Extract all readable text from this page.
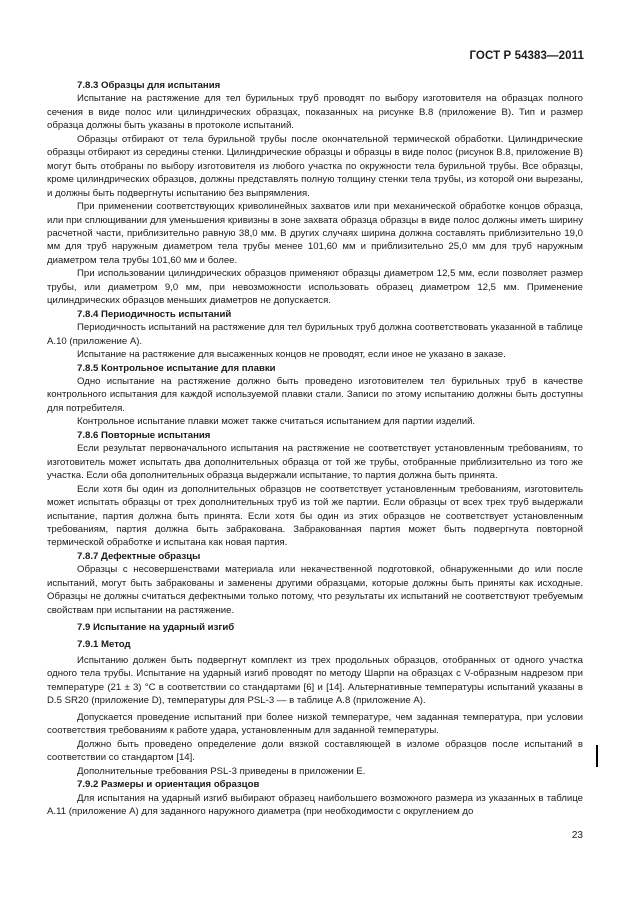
ГОСТ Р 54383—2011
7.8.3 Образцы для испытания

Испытание на растяжение для тел бурильных труб проводят по выбору изготовителя на образцах полного сечения в виде полос или цилиндрических образцах, показанных на рисунке В.8 (приложение В). Тип и размер образца должны быть указаны в протоколе испытаний.

Образцы отбирают от тела бурильной трубы после окончательной термической обработки. Цилиндрические образцы отбирают из середины стенки. Цилиндрические образцы и образцы в виде полос (рисунок В.8, приложение В) могут быть отобраны по выбору изготовителя из любого участка по окружности тела бурильной трубы. Все образцы, кроме цилиндрических образцов, должны представлять полную толщину стенки тела трубы, из которой они вырезаны, и должны быть подвергнуты испытанию без выпрямления.

При применении соответствующих криволинейных захватов или при механической обработке концов образца, или при сплющивании для уменьшения кривизны в зоне захвата образца образцы в виде полос должны иметь ширину расчетной части, приблизительно равную 38,0 мм. В других случаях ширина должна составлять приблизительно 19,0 мм для труб наружным диаметром тела трубы менее 101,60 мм и приблизительно 25,0 мм для труб наружным диаметром тела трубы 101,60 мм и более.

При использовании цилиндрических образцов применяют образцы диаметром 12,5 мм, если позволяет размер трубы, или диаметром 9,0 мм, при невозможности использовать образец диаметром 12,5 мм. Применение цилиндрических образцов меньших диаметров не допускается.

7.8.4 Периодичность испытаний

Периодичность испытаний на растяжение для тел бурильных труб должна соответствовать указанной в таблице А.10 (приложение А).

Испытание на растяжение для высаженных концов не проводят, если иное не указано в заказе.

7.8.5 Контрольное испытание для плавки

Одно испытание на растяжение должно быть проведено изготовителем тел бурильных труб в качестве контрольного испытания для каждой используемой плавки стали. Записи по этому испытанию должны быть доступны для потребителя.

Контрольное испытание плавки может также считаться испытанием для партии изделий.

7.8.6 Повторные испытания

Если результат первоначального испытания на растяжение не соответствует установленным требованиям, то изготовитель может испытать два дополнительных образца от той же трубы, отобранные приблизительно из того же участка. Если оба дополнительных образца выдержали испытание, то партия должна быть принята.

Если хотя бы один из дополнительных образцов не соответствует установленным требованиям, изготовитель может испытать образцы от трех дополнительных труб из той же партии. Если образцы от всех трех труб выдержали испытание, партия должна быть принята. Если хотя бы один из этих образцов не соответствует установленным требованиям, партия должна быть забракована. Забракованная партия может быть подвергнута повторной термической обработке и испытана как новая партия.

7.8.7 Дефектные образцы

Образцы с несовершенствами материала или некачественной подготовкой, обнаруженными до или после испытаний, могут быть забракованы и заменены другими образцами, которые должны быть приняты как исходные. Образцы не должны считаться дефектными только потому, что результаты их испытаний не соответствуют требуемым свойствам при испытании на растяжение.

7.9 Испытание на ударный изгиб
7.9.1 Метод

Испытанию должен быть подвергнут комплект из трех продольных образцов, отобранных от одного участка одного тела трубы. Испытание на ударный изгиб проводят по методу Шарпи на образцах с V-образным надрезом при температуре (21 ± 3) °С в соответствии со стандартами [6] и [14]. Альтернативные температуры испытаний указаны в D.5 SR20 (приложение D), температуры для PSL-3 — в таблице А.8 (приложение А).

Допускается проведение испытаний при более низкой температуре, чем заданная температура, при условии соответствия требованиям к работе удара, установленным для заданной температуры.

Должно быть проведено определение доли вязкой составляющей в изломе образцов после испытаний в соответствии со стандартом [14].

Дополнительные требования PSL-3 приведены в приложении Е.

7.9.2 Размеры и ориентация образцов

Для испытания на ударный изгиб выбирают образец наибольшего возможного размера из указанных в таблице А.11 (приложение А) для заданного наружного диаметра (при необходимости с округлением до

23
